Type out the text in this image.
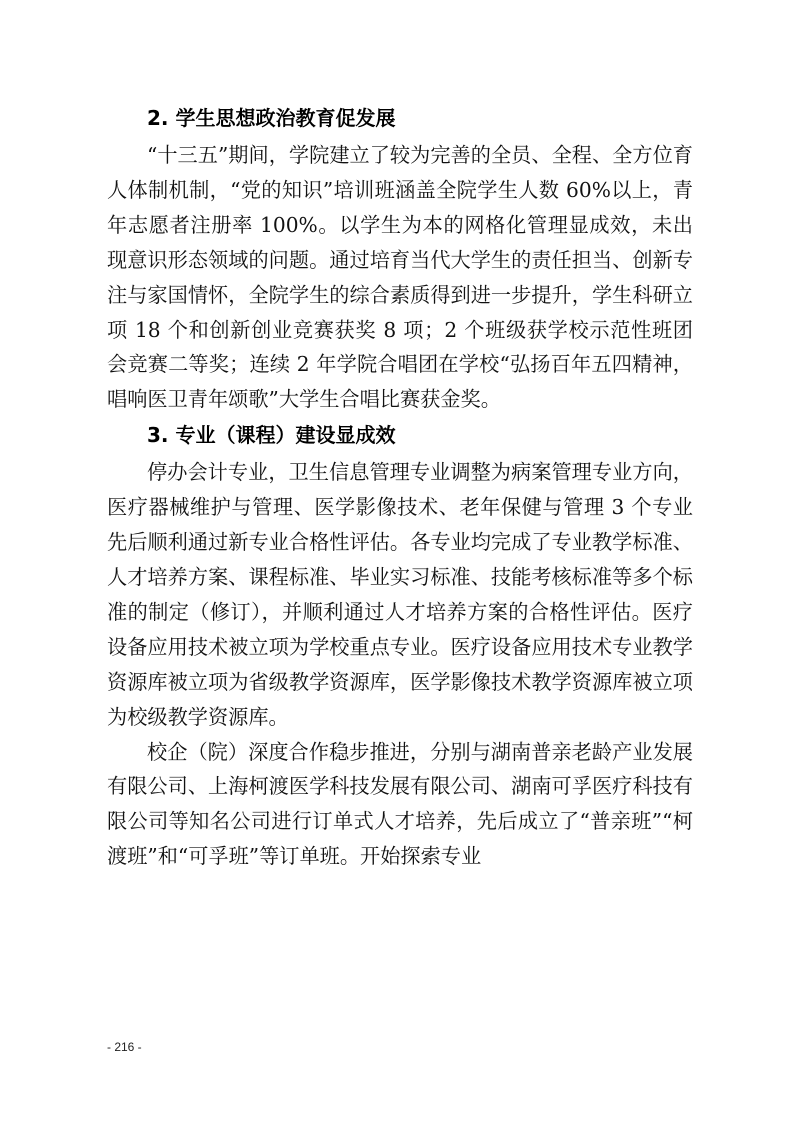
2. 学生思想政治教育促发展

“十三五”期间，学院建立了较为完善的全员、全程、全方位育人体制机制，“党的知识”培训班涵盖全院学生人数 60%以上，青年志愿者注册率 100%。以学生为本的网格化管理显成效，未出现意识形态领域的问题。通过培育当代大学生的责任担当、创新专注与家国情怀，全院学生的综合素质得到进一步提升，学生科研立项 18 个和创新创业竞赛获奖 8 项；2 个班级获学校示范性班团会竞赛二等奖；连续 2 年学院合唱团在学校“弘扬百年五四精神，唱响医卫青年颂歌”大学生合唱比赛获金奖。

3. 专业（课程）建设显成效

停办会计专业，卫生信息管理专业调整为病案管理专业方向，医疗器械维护与管理、医学影像技术、老年保健与管理 3 个专业先后顺利通过新专业合格性评估。各专业均完成了专业教学标准、人才培养方案、课程标准、毕业实习标准、技能考核标准等多个标准的制定（修订），并顺利通过人才培养方案的合格性评估。医疗设备应用技术被立项为学校重点专业。医疗设备应用技术专业教学资源库被立项为省级教学资源库，医学影像技术教学资源库被立项为校级教学资源库。

校企（院）深度合作稳步推进，分别与湖南普亲老龄产业发展有限公司、上海柯渡医学科技发展有限公司、湖南可孚医疗科技有限公司等知名公司进行订单式人才培养，先后成立了“普亲班”“柯渡班”和“可孚班”等订单班。开始探索专业

- 216 -
